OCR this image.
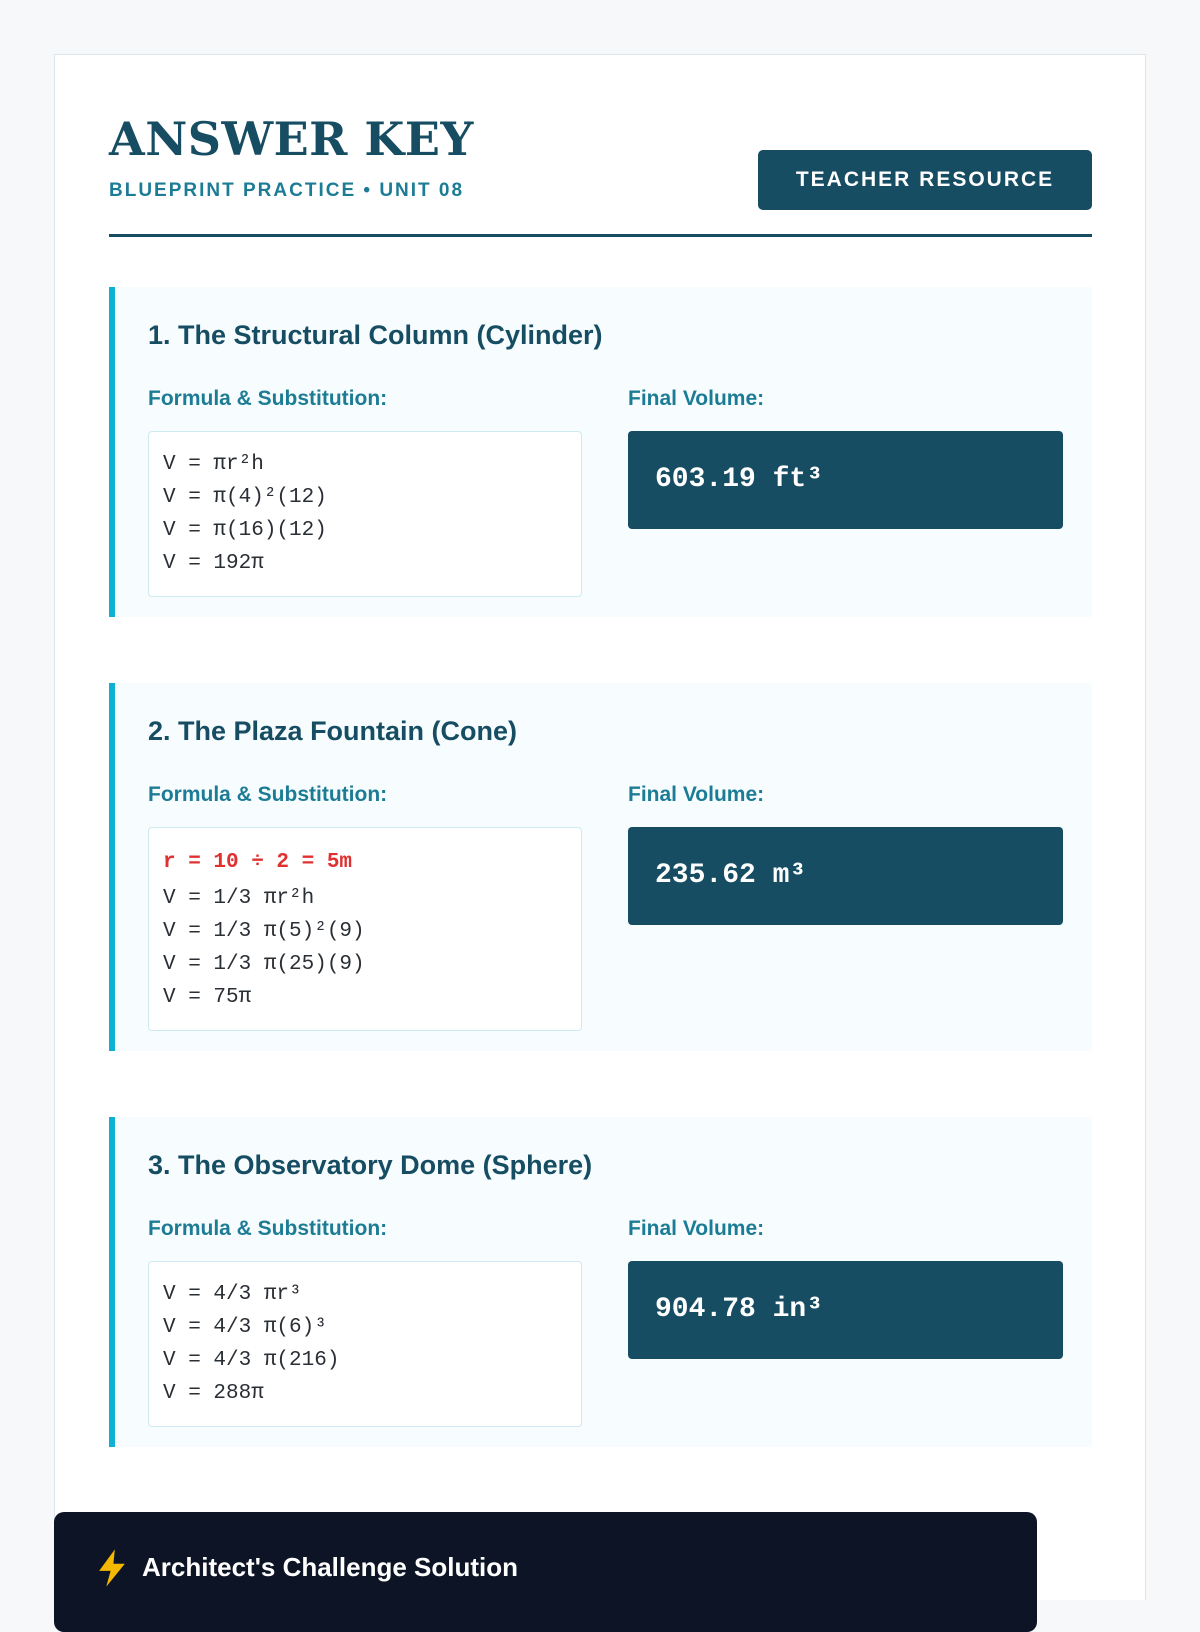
ANSWER KEY
BLUEPRINT PRACTICE • UNIT 08	TEACHER RESOURCE
1. The Structural Column (Cylinder)
Formula & Substitution:	Final Volume:
V = πr²h
V = π(4)²(12)
V = π(16)(12)
V = 192π
603.19 ft³
2. The Plaza Fountain (Cone)
Formula & Substitution:	Final Volume:
r = 10 ÷ 2 = 5m
V = 1/3 πr²h
V = 1/3 π(5)²(9)
V = 1/3 π(25)(9)
V = 75π
235.62 m³
3. The Observatory Dome (Sphere)
Formula & Substitution:	Final Volume:
V = 4/3 πr³
V = 4/3 π(6)³
V = 4/3 π(216)
V = 288π
904.78 in³
Architect's Challenge Solution
